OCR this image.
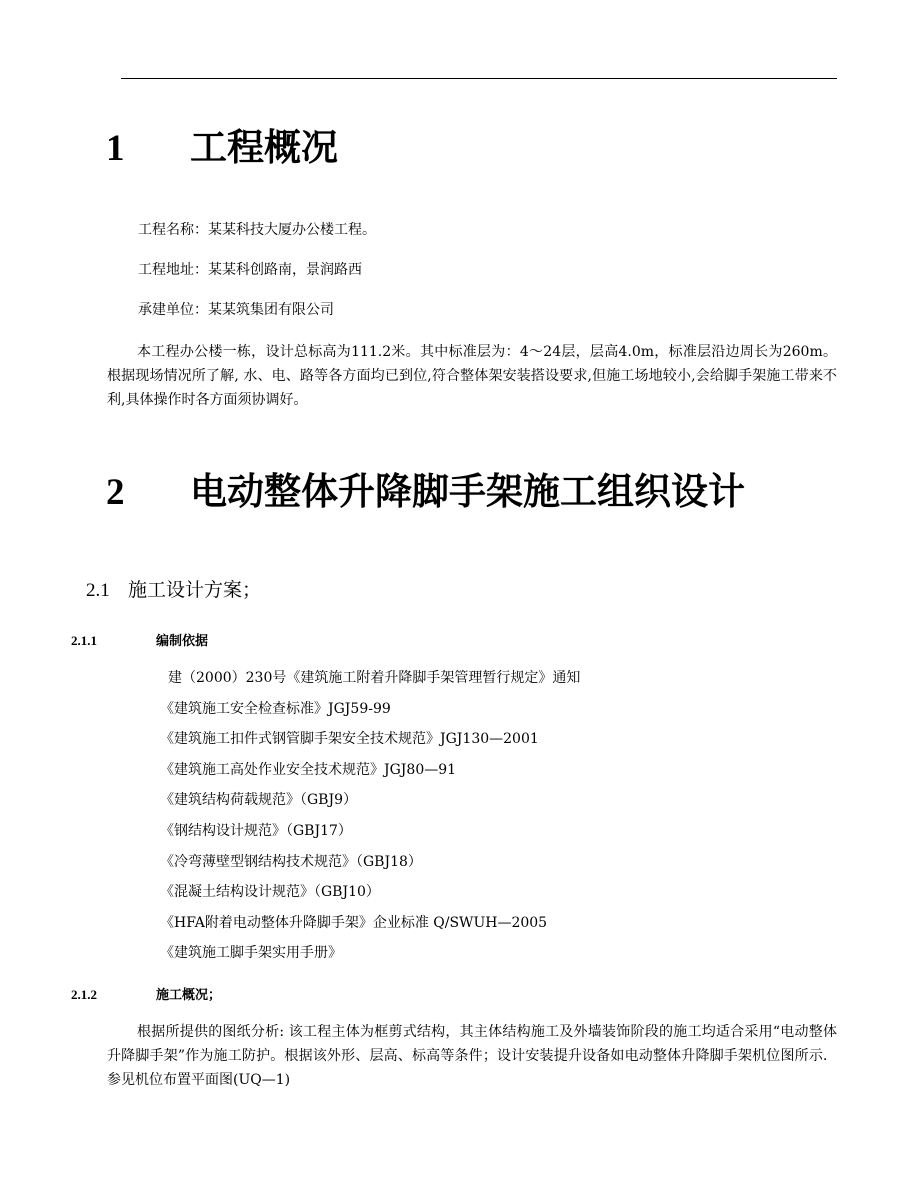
1 工程概况
工程名称：某某科技大厦办公楼工程。
工程地址：某某科创路南，景润路西
承建单位：某某筑集团有限公司
本工程办公楼一栋，设计总标高为111.2米。其中标准层为：4～24层，层高4.0m，标准层沿边周长为260m。根据现场情况所了解, 水、电、路等各方面均已到位,符合整体架安装搭设要求,但施工场地较小,会给脚手架施工带来不利,具体操作时各方面须协调好。
2 电动整体升降脚手架施工组织设计
2.1 施工设计方案；
2.1.1	编制依据
建（2000）230号《建筑施工附着升降脚手架管理暂行规定》通知
《建筑施工安全检查标准》JGJ59-99
《建筑施工扣件式钢管脚手架安全技术规范》JGJ130—2001
《建筑施工高处作业安全技术规范》JGJ80—91
《建筑结构荷载规范》（GBJ9）
《钢结构设计规范》（GBJ17）
《冷弯薄壁型钢结构技术规范》（GBJ18）
《混凝土结构设计规范》（GBJ10）
《HFA附着电动整体升降脚手架》企业标准 Q/SWUH—2005
《建筑施工脚手架实用手册》
2.1.2	施工概况；
根据所提供的图纸分析: 该工程主体为框剪式结构，其主体结构施工及外墙装饰阶段的施工均适合采用“电动整体升降脚手架”作为施工防护。根据该外形、层高、标高等条件；设计安装提升设备如电动整体升降脚手架机位图所示．参见机位布置平面图(UQ—1)
